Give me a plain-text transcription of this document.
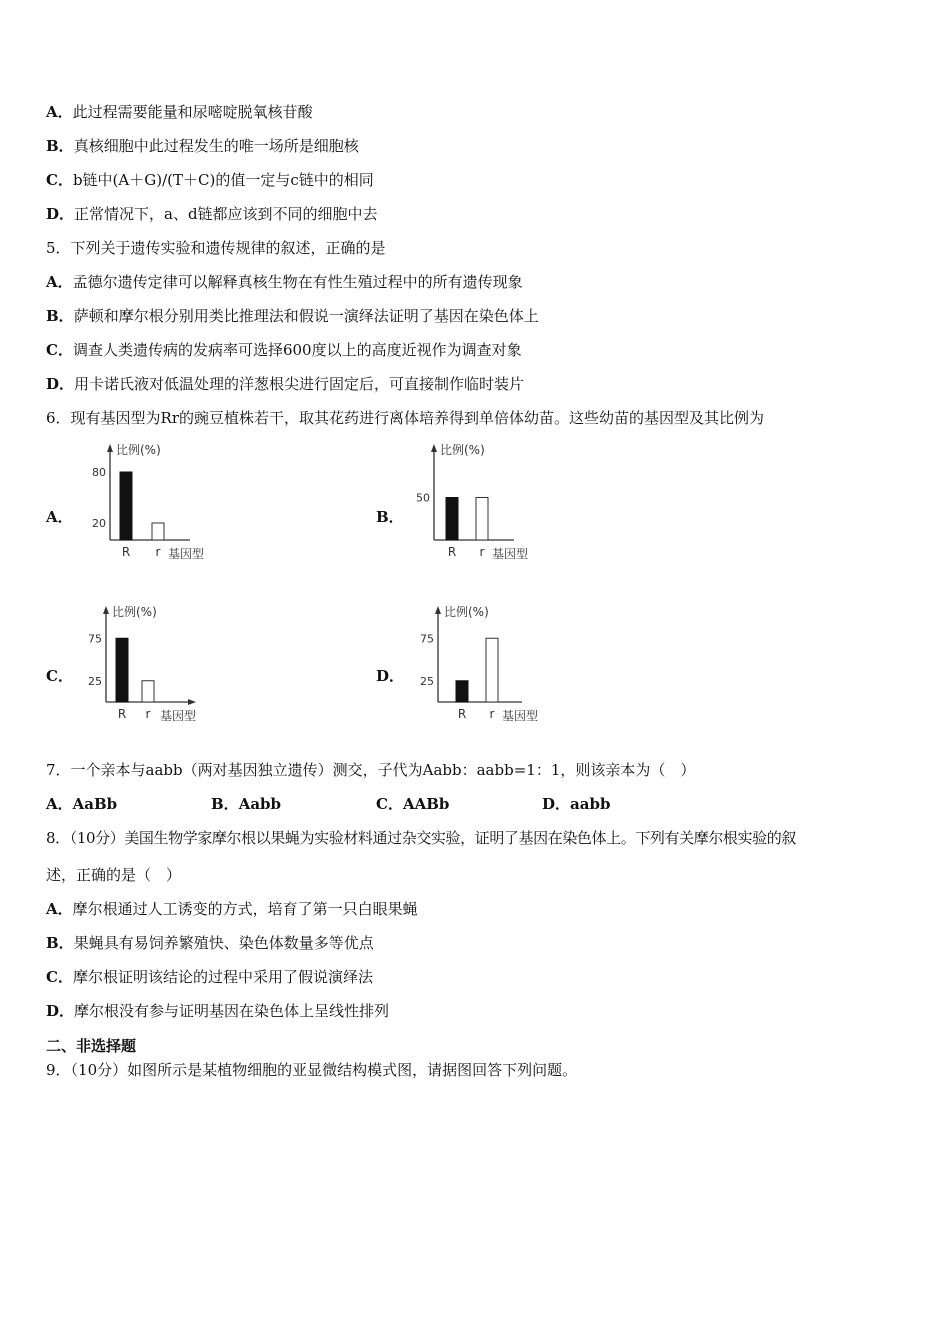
A．此过程需要能量和尿嘧啶脱氧核苷酸
B．真核细胞中此过程发生的唯一场所是细胞核
C．b链中(A＋G)/(T＋C)的值一定与c链中的相同
D．正常情况下，a、d链都应该到不同的细胞中去
5．下列关于遗传实验和遗传规律的叙述，正确的是
A．孟德尔遗传定律可以解释真核生物在有性生殖过程中的所有遗传现象
B．萨顿和摩尔根分别用类比推理法和假说一演绎法证明了基因在染色体上
C．调查人类遗传病的发病率可选择600度以上的高度近视作为调查对象
D．用卡诺氏液对低温处理的洋葱根尖进行固定后，可直接制作临时装片
6．现有基因型为Rr的豌豆植株若干，取其花药进行离体培养得到单倍体幼苗。这些幼苗的基因型及其比例为
A．	B．
C．	D．
比例(%)
80
20
R r 基因型
比例(%)
50
R r 基因型
比例(%)
75
25
R r 基因型
比例(%)
75
25
R r 基因型
7．一个亲本与aabb（两对基因独立遗传）测交，子代为Aabb：aabb=1：1，则该亲本为（　）
A．AaBb	B．Aabb	C．AABb	D．aabb
8．（10分）美国生物学家摩尔根以果蝇为实验材料通过杂交实验，证明了基因在染色体上。下列有关摩尔根实验的叙
述，正确的是（　）
A．摩尔根通过人工诱变的方式，培育了第一只白眼果蝇
B．果蝇具有易饲养繁殖快、染色体数量多等优点
C．摩尔根证明该结论的过程中采用了假说演绎法
D．摩尔根没有参与证明基因在染色体上呈线性排列
二、非选择题
9．（10分）如图所示是某植物细胞的亚显微结构模式图，请据图回答下列问题。
